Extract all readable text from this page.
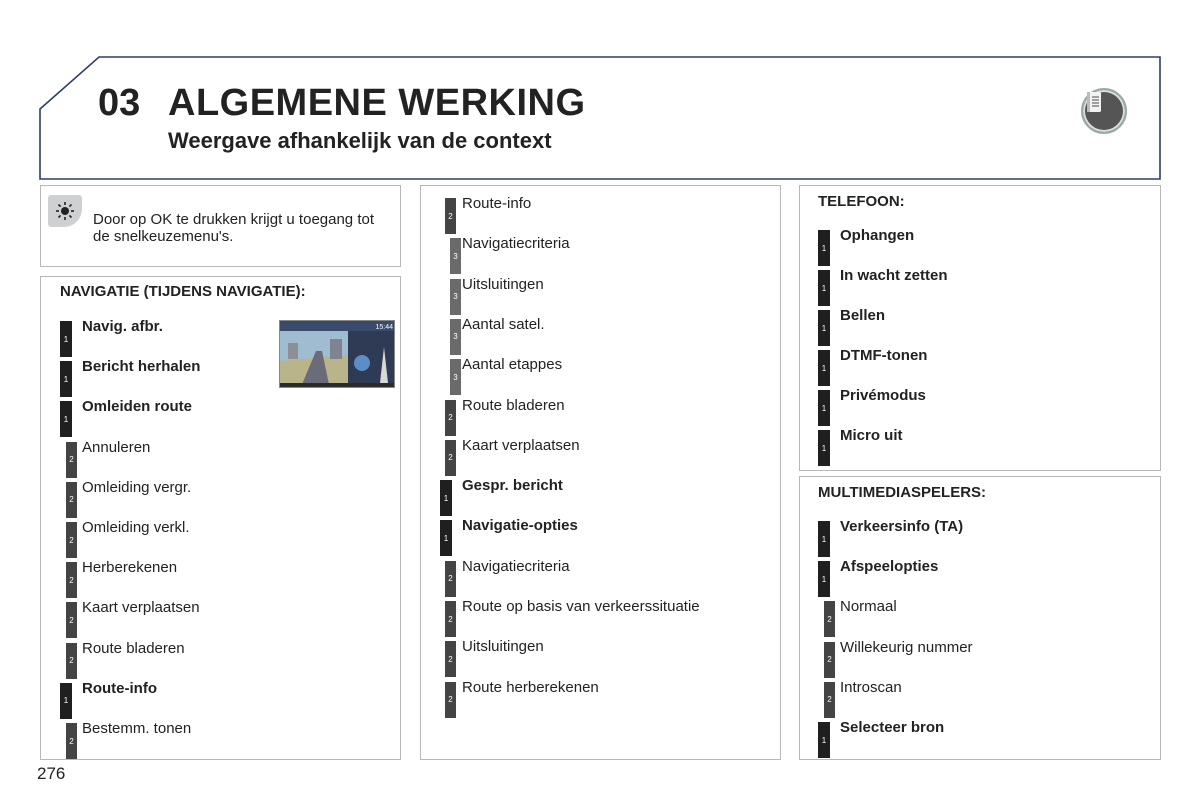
03 ALGEMENE WERKING
Weergave afhankelijk van de context
Door op OK te drukken krijgt u toegang tot de snelkeuzemenu's.
NAVIGATIE (TIJDENS NAVIGATIE):
15:44
1
Navig. afbr.
1
Bericht herhalen
1
Omleiden route
2
Annuleren
2
Omleiding vergr.
2
Omleiding verkl.
2
Herberekenen
2
Kaart verplaatsen
2
Route bladeren
1
Route-info
2
Bestemm. tonen
2
Route-info
3
Navigatiecriteria
3
Uitsluitingen
3
Aantal satel.
3
Aantal etappes
2
Route bladeren
2
Kaart verplaatsen
1
Gespr. bericht
1
Navigatie-opties
2
Navigatiecriteria
2
Route op basis van verkeerssituatie
2
Uitsluitingen
2
Route herberekenen
TELEFOON:
1
Ophangen
1
In wacht zetten
1
Bellen
1
DTMF-tonen
1
Privémodus
1
Micro uit
MULTIMEDIASPELERS:
1
Verkeersinfo (TA)
1
Afspeelopties
2
Normaal
2
Willekeurig nummer
2
Introscan
1
Selecteer bron
276
